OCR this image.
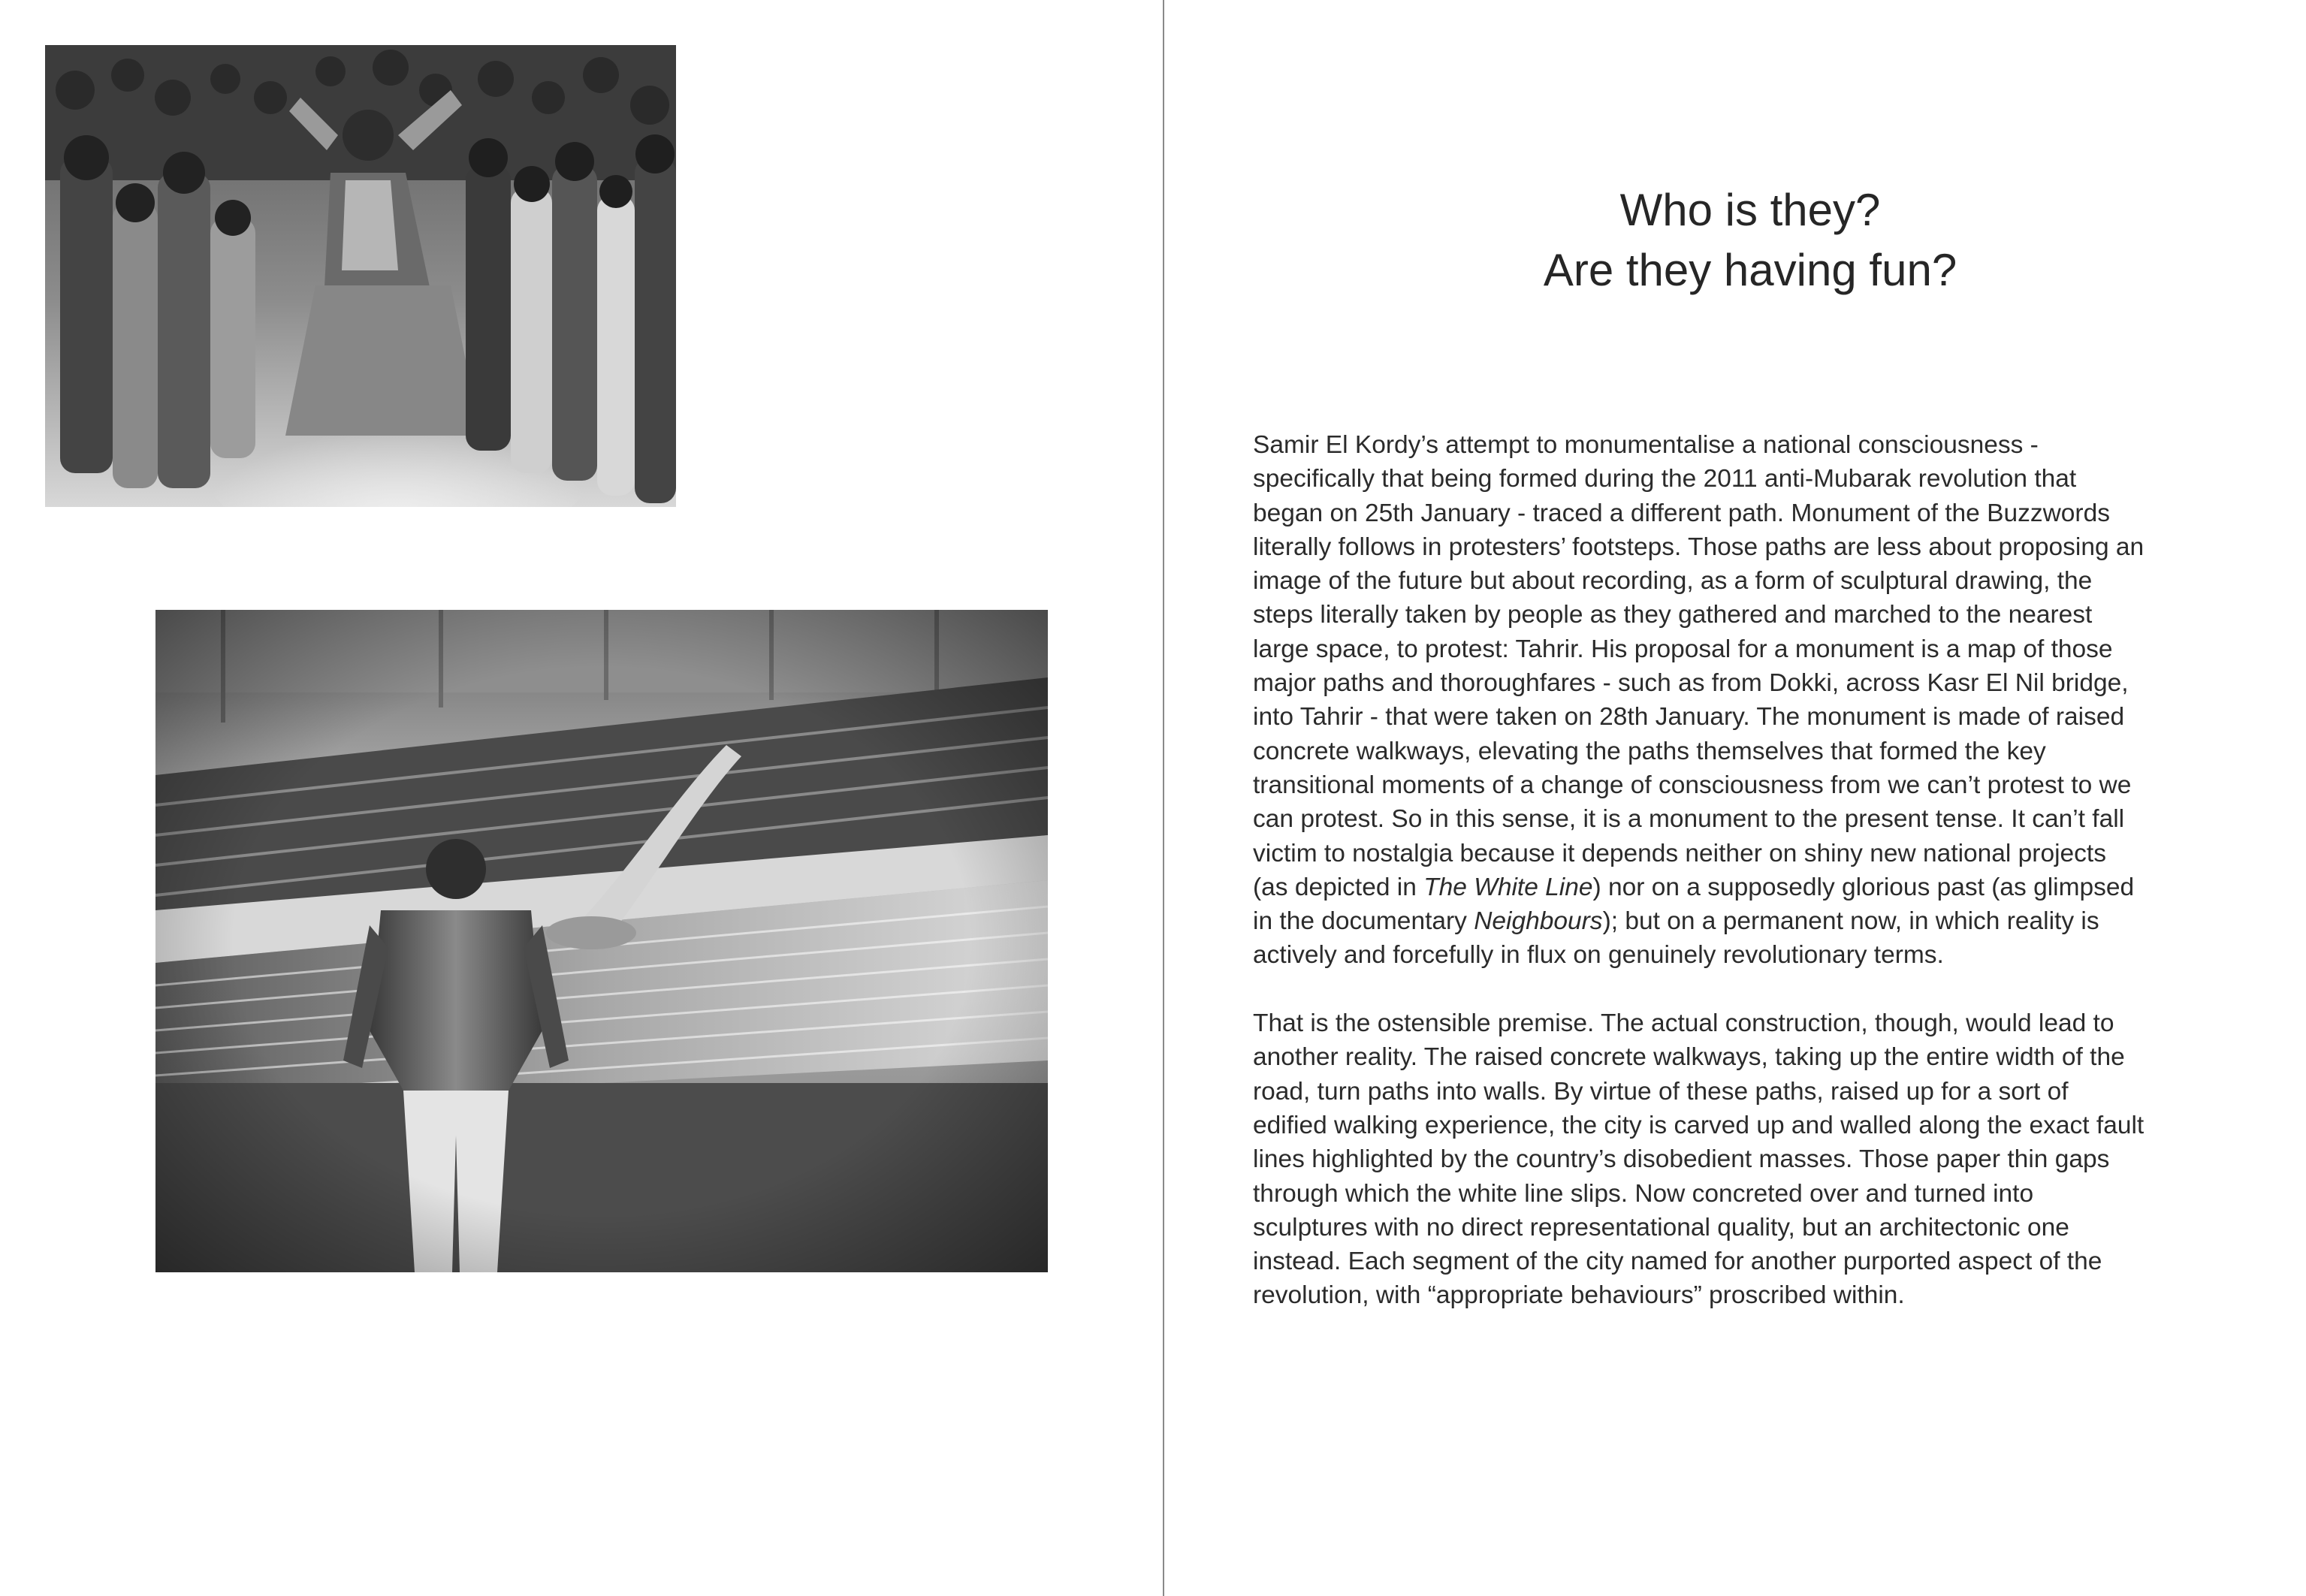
Who is they?
Are they having fun?

Samir El Kordy’s attempt to monumentalise a national consciousness - specifically that being formed during the 2011 anti-Mubarak revolution that began on 25th January - traced a different path. Monument of the Buzzwords literally follows in protesters’ footsteps. Those paths are less about proposing an image of the future but about recording, as a form of sculptural drawing, the steps literally taken by people as they gathered and marched to the nearest large space, to protest: Tahrir. His proposal for a monument is a map of those major paths and thoroughfares - such as from Dokki, across Kasr El Nil bridge, into Tahrir - that were taken on 28th January. The monument is made of raised concrete walkways, elevating the paths themselves that formed the key transitional moments of a change of consciousness from we can’t protest to we can protest. So in this sense, it is a monument to the present tense. It can’t fall victim to nostalgia because it depends neither on shiny new national projects (as depicted in The White Line) nor on a supposedly glorious past (as glimpsed in the documentary Neighbours); but on a permanent now, in which reality is actively and forcefully in flux on genuinely revolutionary terms.

That is the ostensible premise. The actual construction, though, would lead to another reality. The raised concrete walkways, taking up the entire width of the road, turn paths into walls. By virtue of these paths, raised up for a sort of edified walking experience, the city is carved up and walled along the exact fault lines highlighted by the country’s disobedient masses. Those paper thin gaps through which the white line slips. Now concreted over and turned into sculptures with no direct representational quality, but an architectonic one instead. Each segment of the city named for another purported aspect of the revolution, with “appropriate behaviours” proscribed within.
